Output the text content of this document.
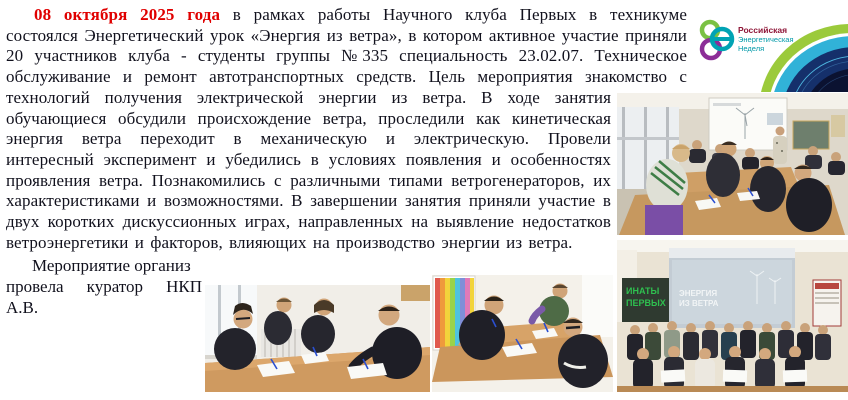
08 октября 2025 года в рамках работы Научного клуба Первых в техникуме состоялся Энергетический урок «Энергия из ветра», в котором активное участие приняли 20 участников клуба - студенты группы №335 специальность 23.02.07. Техническое обслуживание и ремонт автотранспортных средств. Цель мероприятия знакомство с технологий получения электрической энергии из ветра. В ходе занятия обучающиеся обсудили происхождение ветра, проследили как кинетическая энергия ветра переходит в механическую и электрическую. Провели интересный эксперимент и убедились в условиях появления и особенностях проявления ветра. Познакомились с различными типами ветрогенераторов, их характеристиками и возможностями. В завершении занятия приняли участие в двух коротких дискуссионных играх, направленных на выявление недостатков ветроэнергетики и факторов, влияющих на производство энергии из ветра.

Мероприятие организ
провела куратор НКП
А.В.

Российская
Энергетическая
Неделя
ЭНЕРГИЯ
ИЗ ВЕТРА
ИНАТЫ
ПЕРВЫХ
